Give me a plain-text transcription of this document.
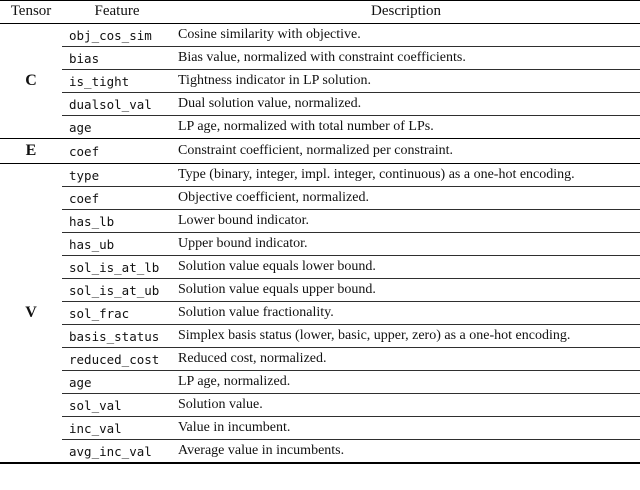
Tensor	Feature	Description
C	obj_cos_sim	Cosine similarity with objective.
	bias	Bias value, normalized with constraint coefficients.
	is_tight	Tightness indicator in LP solution.
	dualsol_val	Dual solution value, normalized.
	age	LP age, normalized with total number of LPs.
E	coef	Constraint coefficient, normalized per constraint.
V	type	Type (binary, integer, impl. integer, continuous) as a one-hot encoding.
	coef	Objective coefficient, normalized.
	has_lb	Lower bound indicator.
	has_ub	Upper bound indicator.
	sol_is_at_lb	Solution value equals lower bound.
	sol_is_at_ub	Solution value equals upper bound.
	sol_frac	Solution value fractionality.
	basis_status	Simplex basis status (lower, basic, upper, zero) as a one-hot encoding.
	reduced_cost	Reduced cost, normalized.
	age	LP age, normalized.
	sol_val	Solution value.
	inc_val	Value in incumbent.
	avg_inc_val	Average value in incumbents.
